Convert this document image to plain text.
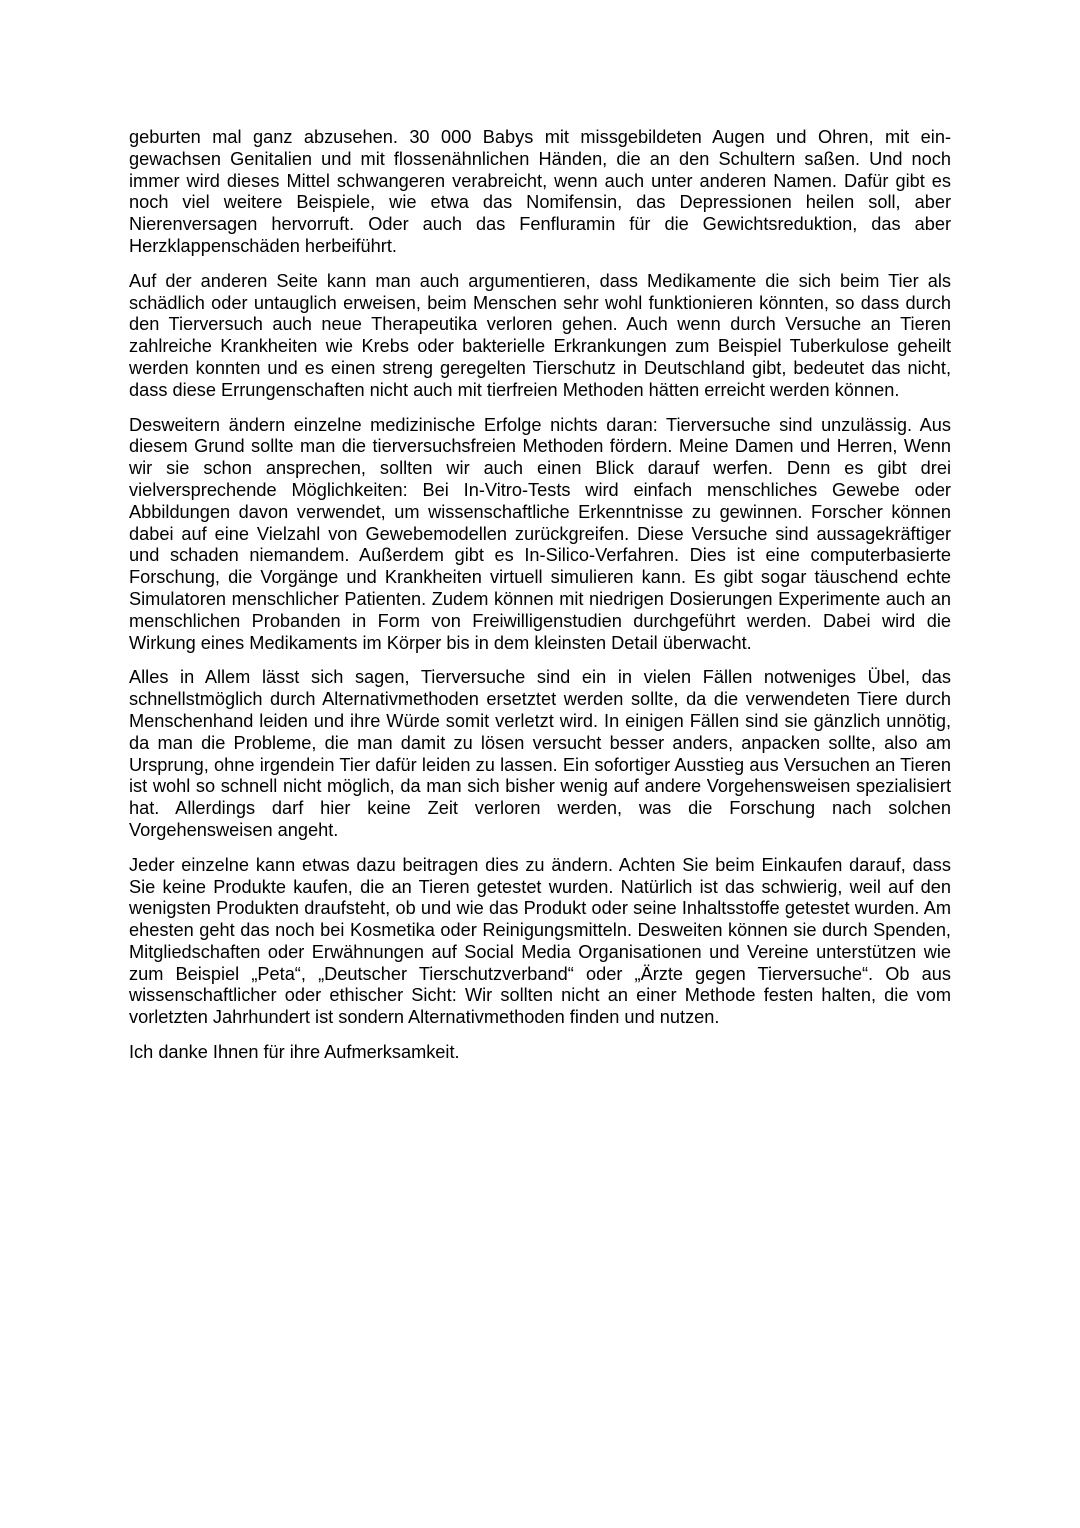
geburten mal ganz abzusehen. 30 000 Babys mit missgebildeten Augen und Ohren, mit eingewachsen Genitalien und mit flossenähnlichen Händen, die an den Schultern saßen. Und noch immer wird dieses Mittel schwangeren verabreicht, wenn auch unter anderen Namen. Dafür gibt es noch viel weitere Beispiele, wie etwa das Nomifensin, das Depressionen heilen soll, aber Nierenversagen hervorruft. Oder auch das Fenfluramin für die Gewichtsreduktion, das aber Herzklappenschäden herbeiführt.

Auf der anderen Seite kann man auch argumentieren, dass Medikamente die sich beim Tier als schädlich oder untauglich erweisen, beim Menschen sehr wohl funktionieren könnten, so dass durch den Tierversuch auch neue Therapeutika verloren gehen. Auch wenn durch Versuche an Tieren zahlreiche Krankheiten wie Krebs oder bakterielle Erkrankungen zum Beispiel Tuberkulose geheilt werden konnten und es einen streng geregelten Tierschutz in Deutschland gibt, bedeutet das nicht, dass diese Errungenschaften nicht auch mit tierfreien Methoden hätten erreicht werden können.

Desweitern ändern einzelne medizinische Erfolge nichts daran: Tierversuche sind unzulässig. Aus diesem Grund sollte man die tierversuchsfreien Methoden fördern. Meine Damen und Herren, Wenn wir sie schon ansprechen, sollten wir auch einen Blick darauf werfen. Denn es gibt drei vielversprechende Möglichkeiten: Bei In-Vitro-Tests wird einfach menschliches Gewebe oder Abbildungen davon verwendet, um wissenschaftliche Erkenntnisse zu gewinnen. Forscher können dabei auf eine Vielzahl von Gewebemodellen zurückgreifen. Diese Versuche sind aussagekräftiger und schaden niemandem. Außerdem gibt es In-Silico-Verfahren. Dies ist eine computerbasierte Forschung, die Vorgänge und Krankheiten virtuell simulieren kann. Es gibt sogar täuschend echte Simulatoren menschlicher Patienten. Zudem können mit niedrigen Dosierungen Experimente auch an menschlichen Probanden in Form von Freiwilligenstudien durchgeführt werden. Dabei wird die Wirkung eines Medikaments im Körper bis in dem kleinsten Detail überwacht.

Alles in Allem lässt sich sagen, Tierversuche sind ein in vielen Fällen notweniges Übel, das schnellstmöglich durch Alternativmethoden ersetztet werden sollte, da die verwendeten Tiere durch Menschenhand leiden und ihre Würde somit verletzt wird. In einigen Fällen sind sie gänzlich unnötig, da man die Probleme, die man damit zu lösen versucht besser anders, anpacken sollte, also am Ursprung, ohne irgendein Tier dafür leiden zu lassen. Ein sofortiger Ausstieg aus Versuchen an Tieren ist wohl so schnell nicht möglich, da man sich bisher wenig auf andere Vorgehensweisen spezialisiert hat. Allerdings darf hier keine Zeit verloren werden, was die Forschung nach solchen Vorgehensweisen angeht.

Jeder einzelne kann etwas dazu beitragen dies zu ändern. Achten Sie beim Einkaufen darauf, dass Sie keine Produkte kaufen, die an Tieren getestet wurden. Natürlich ist das schwierig, weil auf den wenigsten Produkten draufsteht, ob und wie das Produkt oder seine Inhaltsstoffe getestet wurden. Am ehesten geht das noch bei Kosmetika oder Reinigungsmitteln. Desweiten können sie durch Spenden, Mitgliedschaften oder Erwähnungen auf Social Media Organisationen und Vereine unterstützen wie zum Beispiel „Peta“, „Deutscher Tierschutzverband“ oder „Ärzte gegen Tierversuche“. Ob aus wissenschaftlicher oder ethischer Sicht: Wir sollten nicht an einer Methode festen halten, die vom vorletzten Jahrhundert ist sondern Alternativmethoden finden und nutzen.

Ich danke Ihnen für ihre Aufmerksamkeit.
